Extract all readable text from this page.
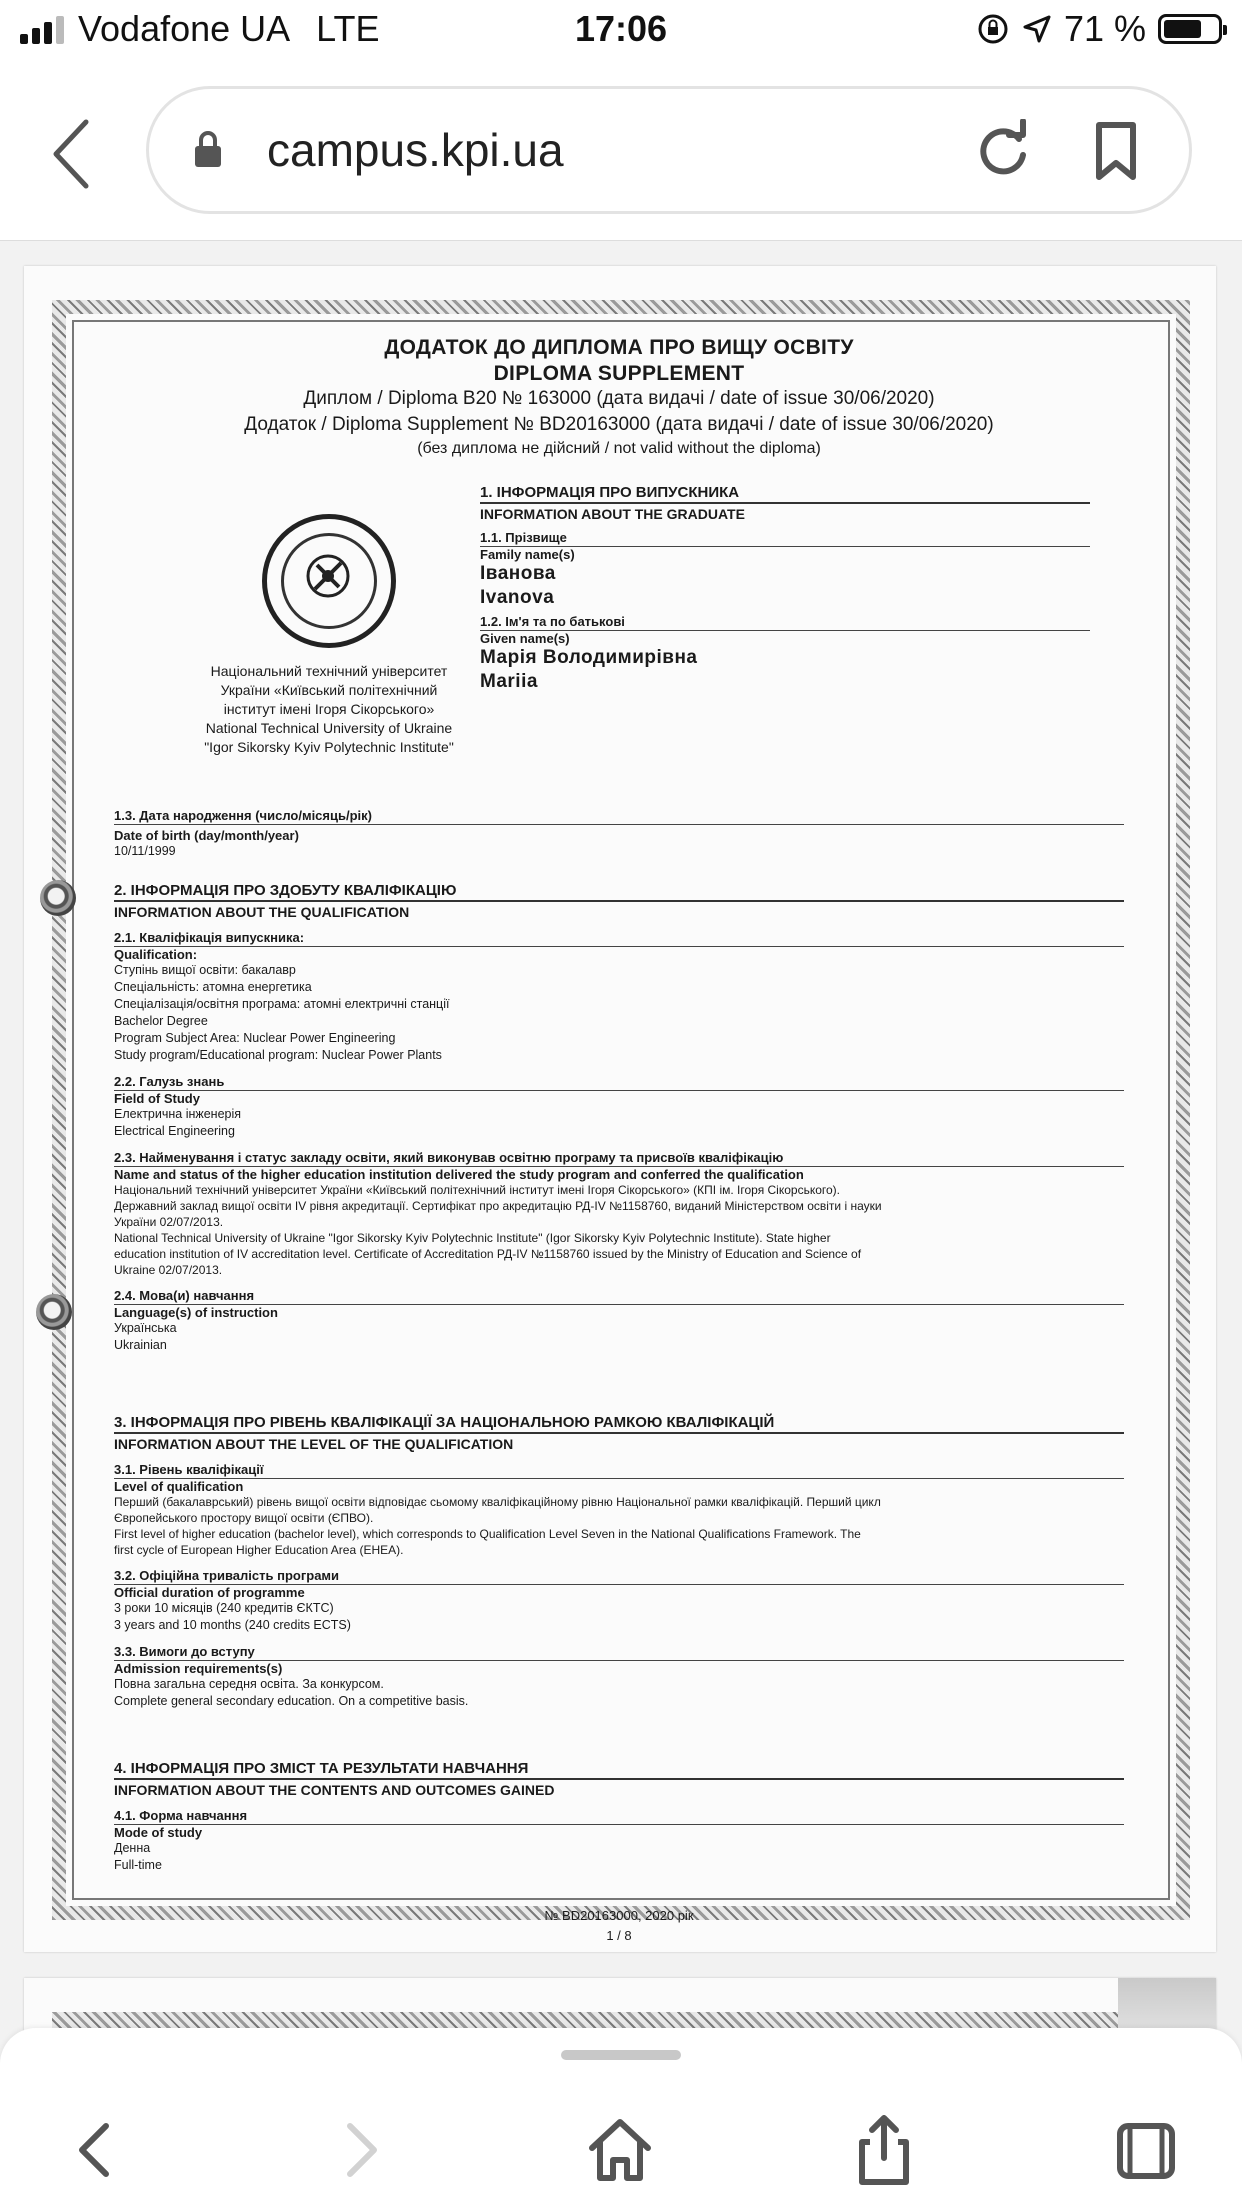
Vodafone UA LTE	17:06	71 %
campus.kpi.ua
ДОДАТОК ДО ДИПЛОМА ПРО ВИЩУ ОСВІТУ
DIPLOMA SUPPLEMENT
Диплом / Diploma B20 № 163000 (дата видачі / date of issue 30/06/2020)
Додаток / Diploma Supplement № BD20163000 (дата видачі / date of issue 30/06/2020)
(без диплома не дійсний / not valid without the diploma)
Національний технічний університет
України «Київський політехнічний
інститут імені Ігоря Сікорського»
National Technical University of Ukraine
"Igor Sikorsky Kyiv Polytechnic Institute"
1. ІНФОРМАЦІЯ ПРО ВИПУСКНИКА
INFORMATION ABOUT THE GRADUATE
1.1. Прізвище
Family name(s)
Іванова
Ivanova
1.2. Ім'я та по батькові
Given name(s)
Марія Володимирівна
Mariia
1.3. Дата народження (число/місяць/рік)
Date of birth (day/month/year)
10/11/1999
2. ІНФОРМАЦІЯ ПРО ЗДОБУТУ КВАЛІФІКАЦІЮ
INFORMATION ABOUT THE QUALIFICATION
2.1. Кваліфікація випускника:
Qualification:
Ступінь вищої освіти: бакалавр
Спеціальність: атомна енергетика
Спеціалізація/освітня програма: атомні електричні станції
Bachelor Degree
Program Subject Area: Nuclear Power Engineering
Study program/Educational program: Nuclear Power Plants
2.2. Галузь знань
Field of Study
Електрична інженерія
Electrical Engineering
2.3. Найменування і статус закладу освіти, який виконував освітню програму та присвоїв кваліфікацію
Name and status of the higher education institution delivered the study program and conferred the qualification
Національний технічний університет України «Київський політехнічний інститут імені Ігоря Сікорського» (КПІ ім. Ігоря Сікорського).
Державний заклад вищої освіти IV рівня акредитації. Сертифікат про акредитацію РД-IV №1158760, виданий Міністерством освіти і науки
України 02/07/2013.
National Technical University of Ukraine "Igor Sikorsky Kyiv Polytechnic Institute" (Igor Sikorsky Kyiv Polytechnic Institute). State higher
education institution of IV accreditation level. Certificate of Accreditation РД-IV №1158760 issued by the Ministry of Education and Science of
Ukraine 02/07/2013.
2.4. Мова(и) навчання
Language(s) of instruction
Українська
Ukrainian
3. ІНФОРМАЦІЯ ПРО РІВЕНЬ КВАЛІФІКАЦІЇ ЗА НАЦІОНАЛЬНОЮ РАМКОЮ КВАЛІФІКАЦІЙ
INFORMATION ABOUT THE LEVEL OF THE QUALIFICATION
3.1. Рівень кваліфікації
Level of qualification
Перший (бакалаврський) рівень вищої освіти відповідає сьомому кваліфікаційному рівню Національної рамки кваліфікацій. Перший цикл
Європейського простору вищої освіти (ЄПВО).
First level of higher education (bachelor level), which corresponds to Qualification Level Seven in the National Qualifications Framework. The
first cycle of European Higher Education Area (EHEA).
3.2. Офіційна тривалість програми
Official duration of programme
3 роки 10 місяців (240 кредитів ЄКТС)
3 years and 10 months (240 credits ECTS)
3.3. Вимоги до вступу
Admission requirements(s)
Повна загальна середня освіта. За конкурсом.
Complete general secondary education. On a competitive basis.
4. ІНФОРМАЦІЯ ПРО ЗМІСТ ТА РЕЗУЛЬТАТИ НАВЧАННЯ
INFORMATION ABOUT THE CONTENTS AND OUTCOMES GAINED
4.1. Форма навчання
Mode of study
Денна
Full-time
№ BD20163000, 2020 рік
1 / 8
